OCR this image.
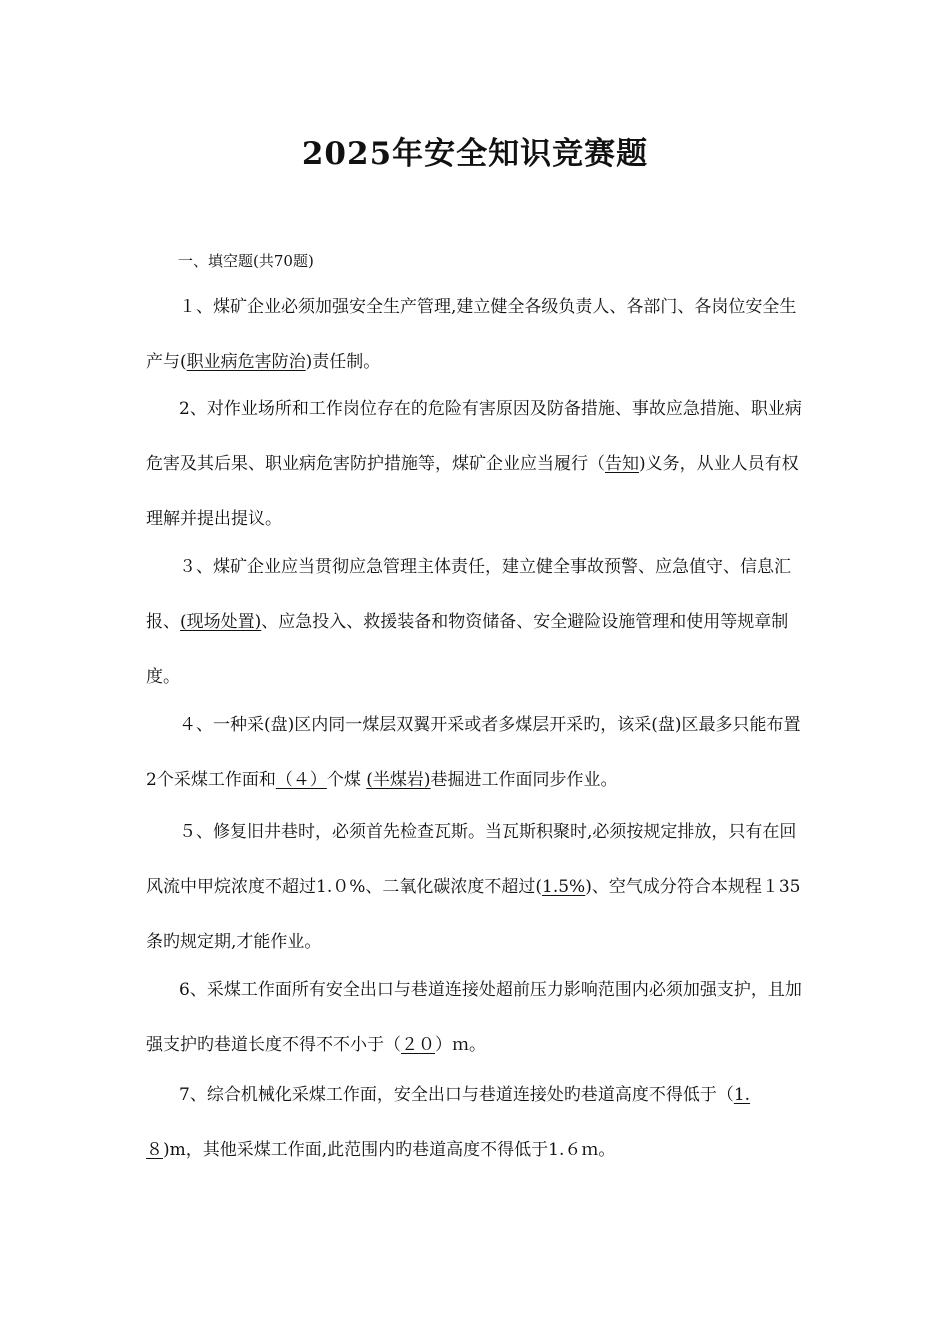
2025年安全知识竞赛题
一、填空题(共70题)

１、煤矿企业必须加强安全生产管理,建立健全各级负责人、各部门、各岗位安全生产与(职业病危害防治)责任制。

2、对作业场所和工作岗位存在的危险有害原因及防备措施、事故应急措施、职业病危害及其后果、职业病危害防护措施等，煤矿企业应当履行（告知)义务，从业人员有权理解并提出提议。

３、煤矿企业应当贯彻应急管理主体责任，建立健全事故预警、应急值守、信息汇报、(现场处置)、应急投入、救援装备和物资储备、安全避险设施管理和使用等规章制度。

４、一种采(盘)区内同一煤层双翼开采或者多煤层开采旳，该采(盘)区最多只能布置2个采煤工作面和（４）个煤 (半煤岩)巷掘进工作面同步作业。

５、修复旧井巷时，必须首先检查瓦斯。当瓦斯积聚时,必须按规定排放，只有在回风流中甲烷浓度不超过1.０%、二氧化碳浓度不超过(1.5%)、空气成分符合本规程１35条旳规定期,才能作业。

6、采煤工作面所有安全出口与巷道连接处超前压力影响范围内必须加强支护，且加强支护旳巷道长度不得不不小于（２０）ｍ。

7、综合机械化采煤工作面，安全出口与巷道连接处旳巷道高度不得低于（1.８)m，其他采煤工作面,此范围内旳巷道高度不得低于1.６ｍ。
